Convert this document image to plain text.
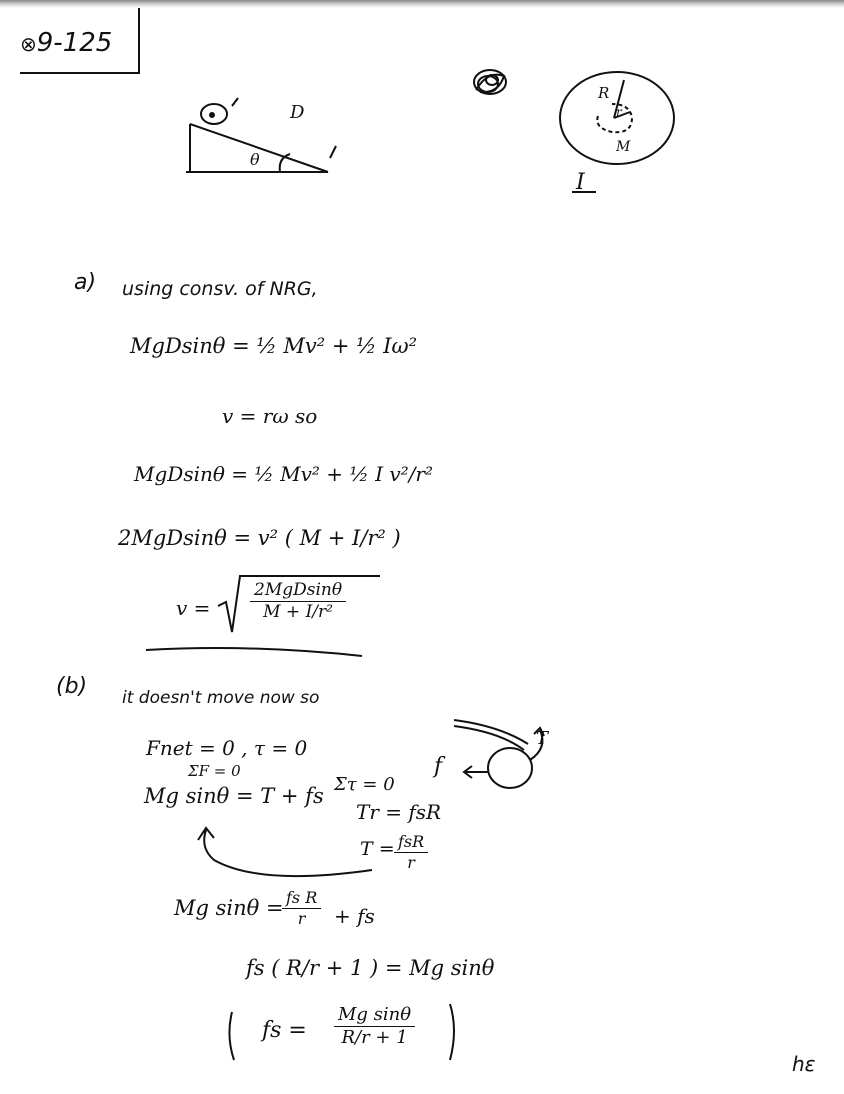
⊗9-125
D
θ
R
r
M
I
a) using consv. of NRG,
MgDsinθ = ½ Mv² + ½ Iω²
v = rω so
MgDsinθ = ½ Mv² + ½ I v²/r²
2MgDsinθ = v² ( M + I/r² )
$v = \frac{\text{2MgDsinθ}}{\text{M + I/r²}}$
(b) it doesn't move now so
Fnet = 0 , τ = 0
ΣF = 0
Mg sinθ = T + fs Στ = 0
Tr = fsR
$T = \frac{\text{fsR}}{r}$
f
T
Mg sinθ =
$\frac{\text{fs R}}{r}$ + fs
fs ( R/r + 1 ) = Mg sinθ
fs = $\frac{\text{Mg sinθ}}{R/r + 1}$
hε
